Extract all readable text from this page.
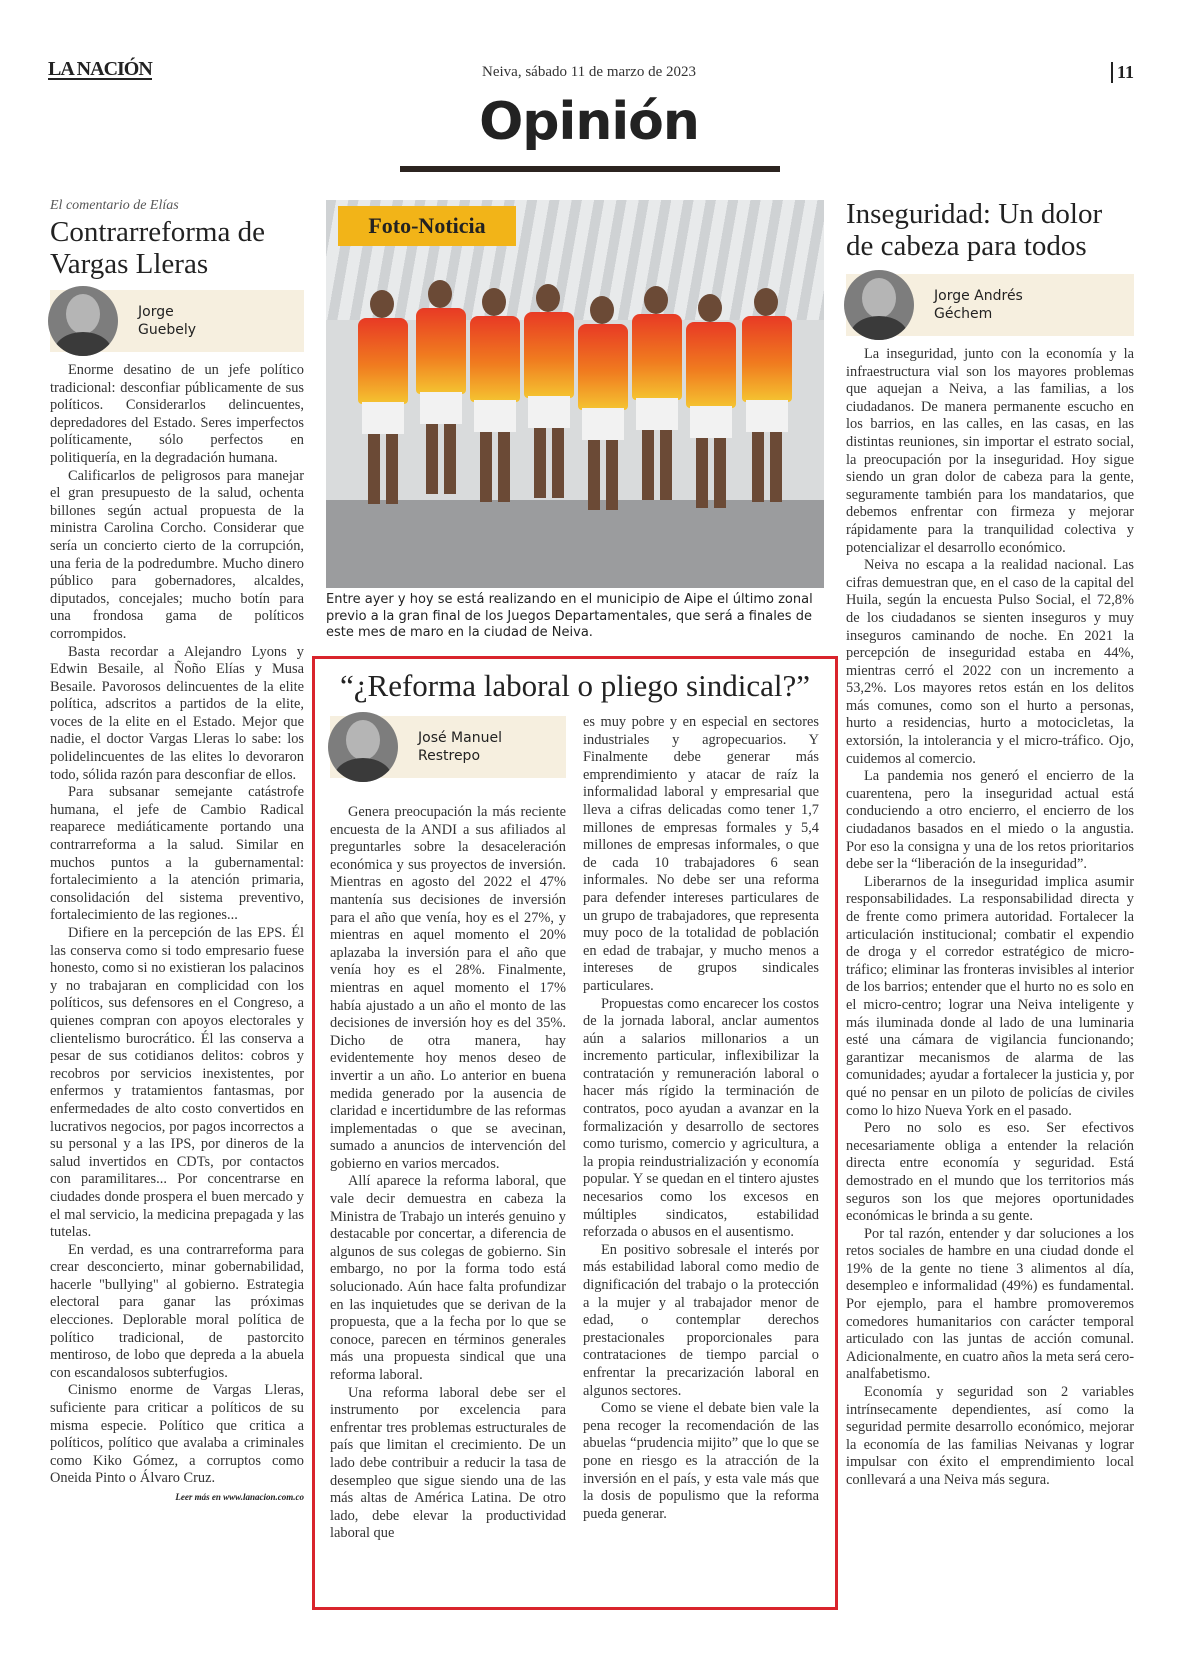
LA NACIÓN	Neiva, sábado 11 de marzo de 2023	11
Opinión
El comentario de Elías
Contrarreforma de Vargas Lleras
Jorge
Guebely

Enorme desatino de un jefe político tradicional: desconfiar públicamente de sus políticos. Considerarlos delincuentes, depredadores del Estado. Seres imperfectos políticamente, sólo perfectos en politiquería, en la degradación humana.

Calificarlos de peligrosos para manejar el gran presupuesto de la salud, ochenta billones según actual propuesta de la ministra Carolina Corcho. Considerar que sería un concierto cierto de la corrupción, una feria de la podredumbre. Mucho dinero público para gobernadores, alcaldes, diputados, concejales; mucho botín para una frondosa gama de políticos corrompidos.

Basta recordar a Alejandro Lyons y Edwin Besaile, al Ñoño Elías y Musa Besaile. Pavorosos delincuentes de la elite política, adscritos a partidos de la elite, voces de la elite en el Estado. Mejor que nadie, el doctor Vargas Lleras lo sabe: los polidelincuentes de las elites lo devoraron todo, sólida razón para desconfiar de ellos.

Para subsanar semejante catástrofe humana, el jefe de Cambio Radical reaparece mediáticamente portando una contrarreforma a la salud. Similar en muchos puntos a la gubernamental: fortalecimiento a la atención primaria, consolidación del sistema preventivo, fortalecimiento de las regiones...

Difiere en la percepción de las EPS. Él las conserva como si todo empresario fuese honesto, como si no existieran los palacinos y no trabajaran en complicidad con los políticos, sus defensores en el Congreso, a quienes compran con apoyos electorales y clientelismo burocrático. Él las conserva a pesar de sus cotidianos delitos: cobros y recobros por servicios inexistentes, por enfermos y tratamientos fantasmas, por enfermedades de alto costo convertidos en lucrativos negocios, por pagos incorrectos a su personal y a las IPS, por dineros de la salud invertidos en CDTs, por contactos con paramilitares... Por concentrarse en ciudades donde prospera el buen mercado y el mal servicio, la medicina prepagada y las tutelas.

En verdad, es una contrarreforma para crear desconcierto, minar gobernabilidad, hacerle "bullying" al gobierno. Estrategia electoral para ganar las próximas elecciones. Deplorable moral política de político tradicional, de pastorcito mentiroso, de lobo que depreda a la abuela con escandalosos subterfugios.

Cinismo enorme de Vargas Lleras, suficiente para criticar a políticos de su misma especie. Político que critica a políticos, político que avalaba a criminales como Kiko Gómez, a corruptos como Oneida Pinto o Álvaro Cruz.

Leer más en www.lanacion.com.co
Foto-Noticia
Entre ayer y hoy se está realizando en el municipio de Aipe el último zonal previo a la gran final de los Juegos Departamentales, que será a finales de este mes de maro en la ciudad de Neiva.
“¿Reforma laboral o pliego sindical?”
José Manuel
Restrepo

Genera preocupación la más reciente encuesta de la ANDI a sus afiliados al preguntarles sobre la desaceleración económica y sus proyectos de inversión. Mientras en agosto del 2022 el 47% mantenía sus decisiones de inversión para el año que venía, hoy es el 27%, y mientras en aquel momento el 20% aplazaba la inversión para el año que venía hoy es el 28%. Finalmente, mientras en aquel momento el 17% había ajustado a un año el monto de las decisiones de inversión hoy es del 35%. Dicho de otra manera, hay evidentemente hoy menos deseo de invertir a un año. Lo anterior en buena medida generado por la ausencia de claridad e incertidumbre de las reformas implementadas o que se avecinan, sumado a anuncios de intervención del gobierno en varios mercados.

Allí aparece la reforma laboral, que vale decir demuestra en cabeza la Ministra de Trabajo un interés genuino y destacable por concertar, a diferencia de algunos de sus colegas de gobierno. Sin embargo, no por la forma todo está solucionado. Aún hace falta profundizar en las inquietudes que se derivan de la propuesta, que a la fecha por lo que se conoce, parecen en términos generales más una propuesta sindical que una reforma laboral.

Una reforma laboral debe ser el instrumento por excelencia para enfrentar tres problemas estructurales de país que limitan el crecimiento. De un lado debe contribuir a reducir la tasa de desempleo que sigue siendo una de las más altas de América Latina. De otro lado, debe elevar la productividad laboral que

es muy pobre y en especial en sectores industriales y agropecuarios. Y Finalmente debe generar más emprendimiento y atacar de raíz la informalidad laboral y empresarial que lleva a cifras delicadas como tener 1,7 millones de empresas formales y 5,4 millones de empresas informales, o que de cada 10 trabajadores 6 sean informales. No debe ser una reforma para defender intereses particulares de un grupo de trabajadores, que representa muy poco de la totalidad de población en edad de trabajar, y mucho menos a intereses de grupos sindicales particulares.

Propuestas como encarecer los costos de la jornada laboral, anclar aumentos aún a salarios millonarios a un incremento particular, inflexibilizar la contratación y remuneración laboral o hacer más rígido la terminación de contratos, poco ayudan a avanzar en la formalización y desarrollo de sectores como turismo, comercio y agricultura, a la propia reindustrialización y economía popular. Y se quedan en el tintero ajustes necesarios como los excesos en múltiples sindicatos, estabilidad reforzada o abusos en el ausentismo.

En positivo sobresale el interés por más estabilidad laboral como medio de dignificación del trabajo o la protección a la mujer y al trabajador menor de edad, o contemplar derechos prestacionales proporcionales para contrataciones de tiempo parcial o enfrentar la precarización laboral en algunos sectores.

Como se viene el debate bien vale la pena recoger la recomendación de las abuelas “prudencia mijito” que lo que se pone en riesgo es la atracción de la inversión en el país, y esta vale más que la dosis de populismo que la reforma pueda generar.

Inseguridad: Un dolor de cabeza para todos
Jorge Andrés
Géchem

La inseguridad, junto con la economía y la infraestructura vial son los mayores problemas que aquejan a Neiva, a las familias, a los ciudadanos. De manera permanente escucho en los barrios, en las calles, en las casas, en las distintas reuniones, sin importar el estrato social, la preocupación por la inseguridad. Hoy sigue siendo un gran dolor de cabeza para la gente, seguramente también para los mandatarios, que debemos enfrentar con firmeza y mejorar rápidamente para la tranquilidad colectiva y potencializar el desarrollo económico.

Neiva no escapa a la realidad nacional. Las cifras demuestran que, en el caso de la capital del Huila, según la encuesta Pulso Social, el 72,8% de los ciudadanos se sienten inseguros y muy inseguros caminando de noche. En 2021 la percepción de inseguridad estaba en 44%, mientras cerró el 2022 con un incremento a 53,2%. Los mayores retos están en los delitos más comunes, como son el hurto a personas, hurto a residencias, hurto a motocicletas, la extorsión, la intolerancia y el micro-tráfico. Ojo, cuidemos al comercio.

La pandemia nos generó el encierro de la cuarentena, pero la inseguridad actual está conduciendo a otro encierro, el encierro de los ciudadanos basados en el miedo o la angustia. Por eso la consigna y una de los retos prioritarios debe ser la “liberación de la inseguridad”.

Liberarnos de la inseguridad implica asumir responsabilidades. La responsabilidad directa y de frente como primera autoridad. Fortalecer la articulación institucional; combatir el expendio de droga y el corredor estratégico de micro-tráfico; eliminar las fronteras invisibles al interior de los barrios; entender que el hurto no es solo en el micro-centro; lograr una Neiva inteligente y más iluminada donde al lado de una luminaria esté una cámara de vigilancia funcionando; garantizar mecanismos de alarma de las comunidades; ayudar a fortalecer la justicia y, por qué no pensar en un piloto de policías de civiles como lo hizo Nueva York en el pasado.

Pero no solo es eso. Ser efectivos necesariamente obliga a entender la relación directa entre economía y seguridad. Está demostrado en el mundo que los territorios más seguros son los que mejores oportunidades económicas le brinda a su gente.

Por tal razón, entender y dar soluciones a los retos sociales de hambre en una ciudad donde el 19% de la gente no tiene 3 alimentos al día, desempleo e informalidad (49%) es fundamental. Por ejemplo, para el hambre promoveremos comedores humanitarios con carácter temporal articulado con las juntas de acción comunal. Adicionalmente, en cuatro años la meta será cero-analfabetismo.

Economía y seguridad son 2 variables intrínsecamente dependientes, así como la seguridad permite desarrollo económico, mejorar la economía de las familias Neivanas y lograr impulsar con éxito el emprendimiento local conllevará a una Neiva más segura.
